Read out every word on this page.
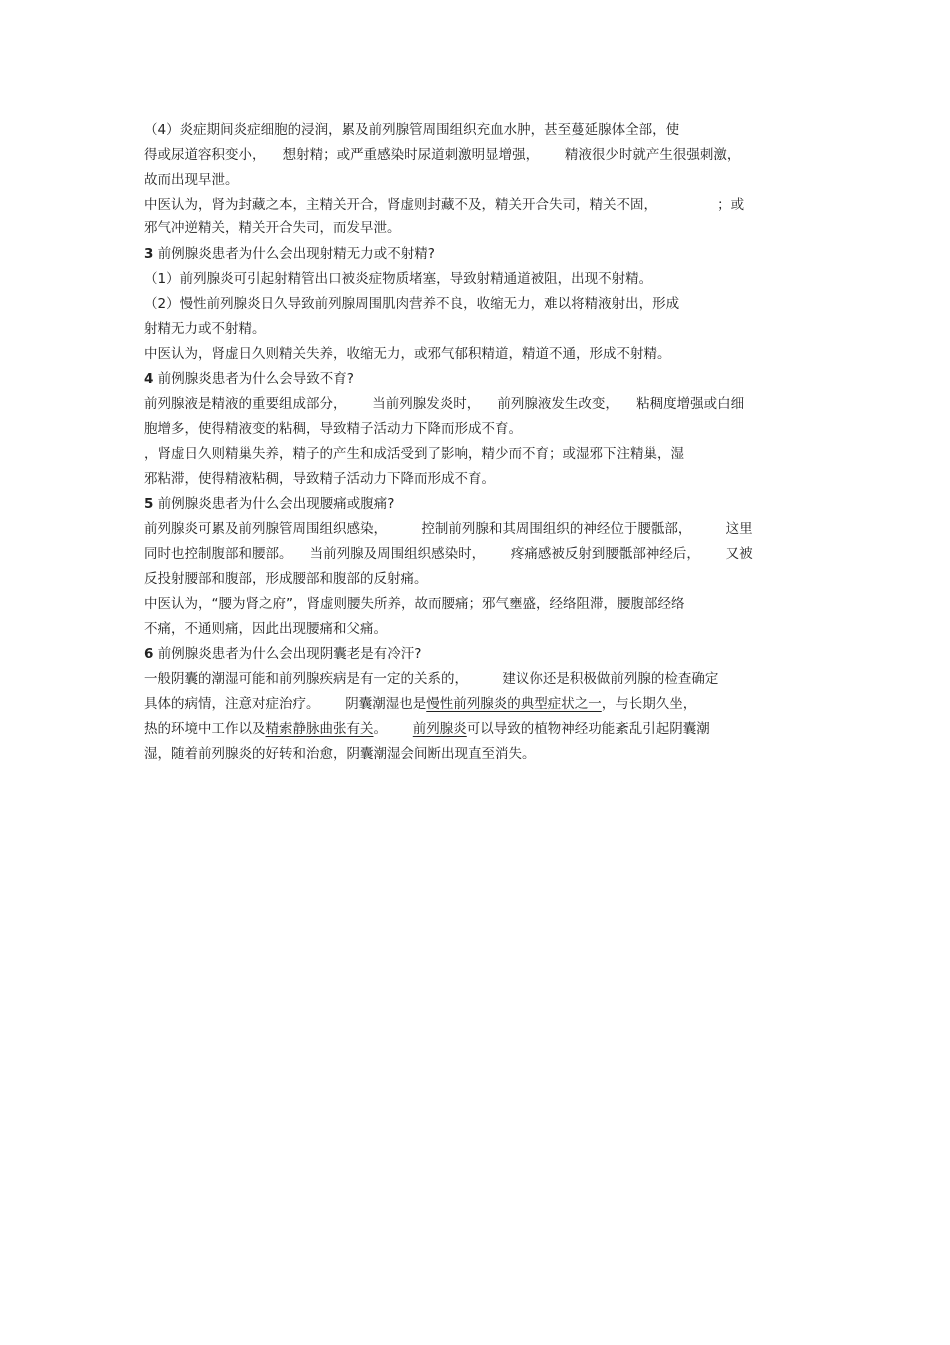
（4）炎症期间炎症细胞的浸润，累及前列腺管周围组织充血水肿，甚至蔓延腺体全部，使
得或尿道容积变小，    想射精；或严重感染时尿道刺激明显增强，      精液很少时就产生很强刺激，
故而出现早泄。
中医认为，肾为封藏之本，主精关开合，肾虚则封藏不及，精关开合失司，精关不固，              ；或
邪气冲逆精关，精关开合失司，而发早泄。
3 前例腺炎患者为什么会出现射精无力或不射精?
（1）前列腺炎可引起射精管出口被炎症物质堵塞，导致射精通道被阻，出现不射精。
（2）慢性前列腺炎日久导致前列腺周围肌肉营养不良，收缩无力，难以将精液射出，形成
射精无力或不射精。
中医认为，肾虚日久则精关失养，收缩无力，或邪气郁积精道，精道不通，形成不射精。
4 前例腺炎患者为什么会导致不育?
前列腺液是精液的重要组成部分，      当前列腺发炎时，    前列腺液发生改变，    粘稠度增强或白细
胞增多，使得精液变的粘稠，导致精子活动力下降而形成不育。
，肾虚日久则精巢失养，精子的产生和成活受到了影响，精少而不育；或湿邪下注精巢，湿
邪粘滞，使得精液粘稠，导致精子活动力下降而形成不育。
5 前例腺炎患者为什么会出现腰痛或腹痛?
前列腺炎可累及前列腺管周围组织感染，        控制前列腺和其周围组织的神经位于腰骶部，        这里
同时也控制腹部和腰部。    当前列腺及周围组织感染时，      疼痛感被反射到腰骶部神经后，      又被
反投射腰部和腹部，形成腰部和腹部的反射痛。
中医认为，“腰为肾之府”，肾虚则腰失所养，故而腰痛；邪气壅盛，经络阻滞，腰腹部经络
不痛，不通则痛，因此出现腰痛和父痛。
6 前例腺炎患者为什么会出现阴囊老是有冷汗?
一般阴囊的潮湿可能和前列腺疾病是有一定的关系的，        建议你还是积极做前列腺的检查确定
具体的病情，注意对症治疗。      阴囊潮湿也是慢性前列腺炎的典型症状之一，与长期久坐，
热的环境中工作以及精索静脉曲张有关。      前列腺炎可以导致的植物神经功能紊乱引起阴囊潮
湿，随着前列腺炎的好转和治愈，阴囊潮湿会间断出现直至消失。
